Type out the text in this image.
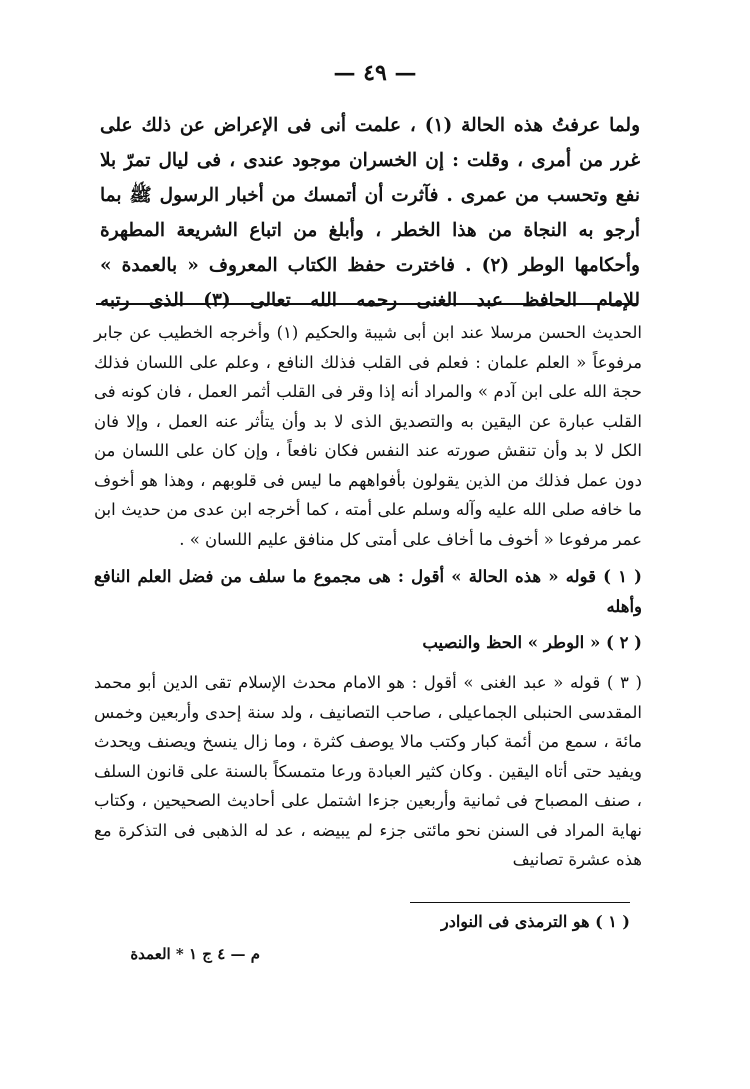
— ٤٩ —

ولما عرفتُ هذه الحالة (١) ، علمت أنى فى الإعراض عن ذلك على غرر من أمرى ، وقلت : إن الخسران موجود عندى ، فى ليال تمرّ بلا نفع وتحسب من عمرى . فآثرت أن أتمسك من أخبار الرسول ﷺ بما أرجو به النجاة من هذا الخطر ، وأبلغ من اتباع الشريعة المطهرة وأحكامها الوطر (٢) . فاخترت حفظ الكتاب المعروف « بالعمدة » للإمام الحافظ عبد الغنى رحمه الله تعالى (٣) الذى رتبه

الحديث الحسن مرسلا عند ابن أبى شيبة والحكيم (١) وأخرجه الخطيب عن جابر مرفوعاً « العلم علمان : فعلم فى القلب فذلك النافع ، وعلم على اللسان فذلك حجة الله على ابن آدم » والمراد أنه إذا وقر فى القلب أثمر العمل ، فان كونه فى القلب عبارة عن اليقين به والتصديق الذى لا بد وأن يتأثر عنه العمل ، وإلا فان الكل لا بد وأن تنقش صورته عند النفس فكان نافعاً ، وإن كان على اللسان من دون عمل فذلك من الذين يقولون بأفواههم ما ليس فى قلوبهم ، وهذا هو أخوف ما خافه صلى الله عليه وآله وسلم على أمته ، كما أخرجه ابن عدى من حديث ابن عمر مرفوعا « أخوف ما أخاف على أمتى كل منافق عليم اللسان » .

( ١ ) قوله « هذه الحالة » أقول : هى مجموع ما سلف من فضل العلم النافع وأهله

( ٢ ) « الوطر » الحظ والنصيب

( ٣ ) قوله « عبد الغنى » أقول : هو الامام محدث الإسلام تقى الدين أبو محمد المقدسى الحنبلى الجماعيلى ، صاحب التصانيف ، ولد سنة إحدى وأربعين وخمس مائة ، سمع من أئمة كبار وكتب مالا يوصف كثرة ، وما زال ينسخ ويصنف ويحدث ويفيد حتى أتاه اليقين . وكان كثير العبادة ورعا متمسكاً بالسنة على قانون السلف ، صنف المصباح فى ثمانية وأربعين جزءا اشتمل على أحاديث الصحيحين ، وكتاب نهاية المراد فى السنن نحو مائتى جزء لم يبيضه ، عد له الذهبى فى التذكرة مع هذه عشرة تصانيف

( ١ ) هو الترمذى فى النوادر
م — ٤ ج ١ * العمدة
